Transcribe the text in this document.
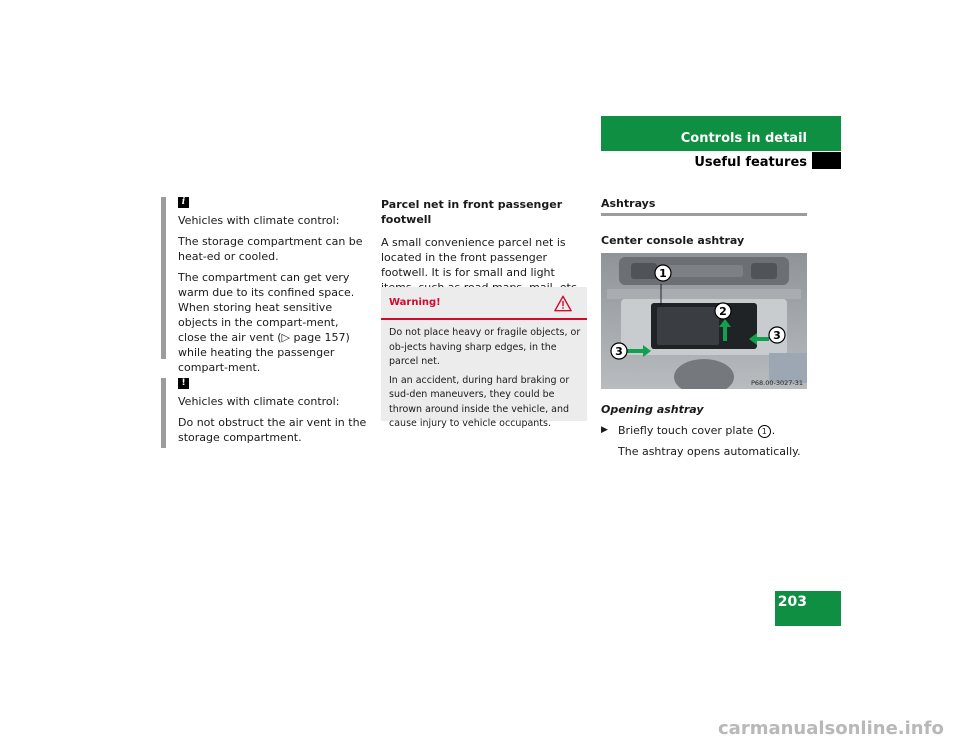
Controls in detail
Useful features
i

Vehicles with climate control:

The storage compartment can be heat-ed or cooled.

The compartment can get very warm due to its confined space. When storing heat sensitive objects in the compart-ment, close the air vent (▷ page 157) while heating the passenger compart-ment.

!

Vehicles with climate control:

Do not obstruct the air vent in the storage compartment.

Parcel net in front passenger footwell

A small convenience parcel net is located in the front passenger footwell. It is for small and light

Warning!

Do not place heavy or fragile objects, or ob-jects having sharp edges, in the parcel net.

In an accident, during hard braking or sud-den maneuvers, they could be thrown around inside the vehicle, and cause injury to vehicle occupants.

Ashtrays

Center console ashtray

1
2
3
3
P68.00-3027-31

Opening ashtray

▶ Briefly touch cover plate 1 .
The ashtray opens automatically.
203
carmanualsonline.info
